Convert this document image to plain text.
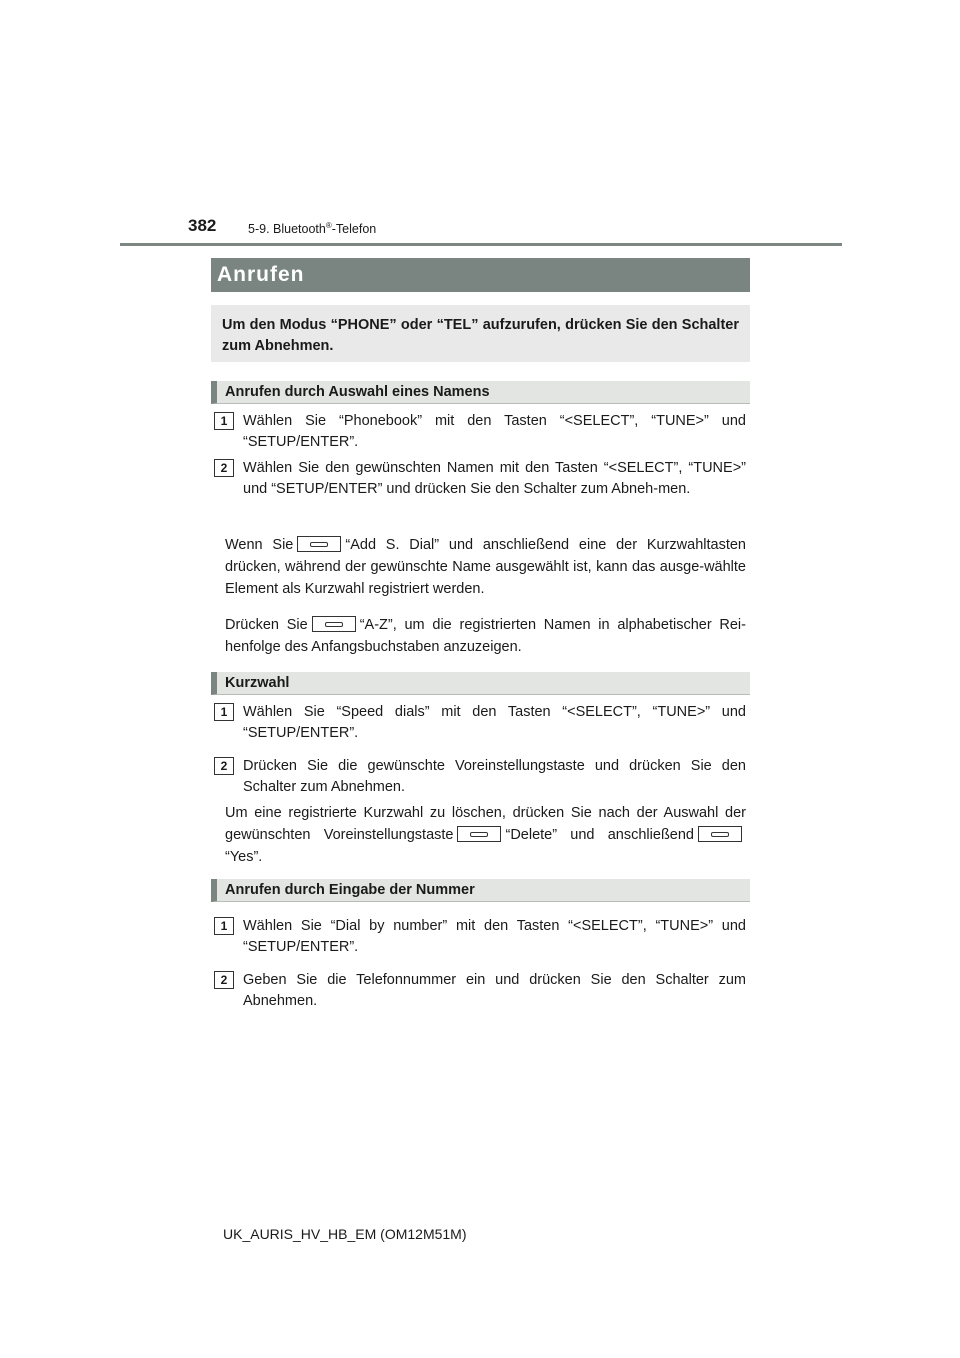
382	5-9. Bluetooth®-Telefon
Anrufen
Um den Modus “PHONE” oder “TEL” aufzurufen, drücken Sie den Schalter zum Abnehmen.
Anrufen durch Auswahl eines Namens
1	Wählen Sie “Phonebook” mit den Tasten “<SELECT”, “TUNE>” und “SETUP/ENTER”.
2	Wählen Sie den gewünschten Namen mit den Tasten “<SELECT”, “TUNE>” und “SETUP/ENTER” und drücken Sie den Schalter zum Abneh-men.
Wenn Sie	“Add S. Dial” und anschließend eine der Kurzwahltasten drücken, während der gewünschte Name ausgewählt ist, kann das ausge-wählte Element als Kurzwahl registriert werden.
Drücken Sie	“A-Z”, um die registrierten Namen in alphabetischer Rei-henfolge des Anfangsbuchstaben anzuzeigen.
Kurzwahl
1	Wählen Sie “Speed dials” mit den Tasten “<SELECT”, “TUNE>” und “SETUP/ENTER”.
2	Drücken Sie die gewünschte Voreinstellungstaste und drücken Sie den Schalter zum Abnehmen.
Um eine registrierte Kurzwahl zu löschen, drücken Sie nach der Auswahl der gewünschten Voreinstellungstaste	“Delete” und anschließend“Yes”.
Anrufen durch Eingabe der Nummer
1	Wählen Sie “Dial by number” mit den Tasten “<SELECT”, “TUNE>” und “SETUP/ENTER”.
2	Geben Sie die Telefonnummer ein und drücken Sie den Schalter zum Abnehmen.
UK_AURIS_HV_HB_EM (OM12M51M)
